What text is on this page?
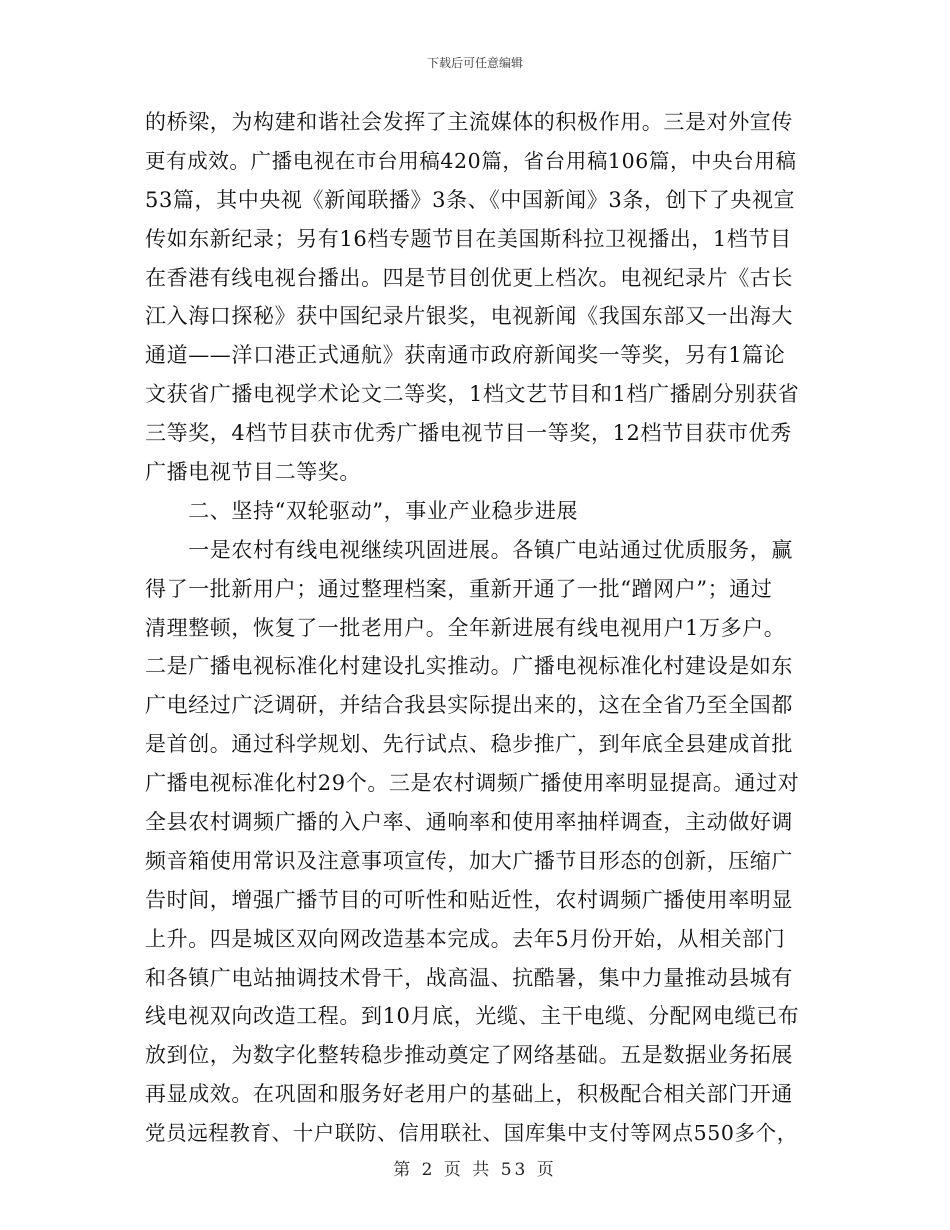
下载后可任意编辑
的桥梁，为构建和谐社会发挥了主流媒体的积极作用。三是对外宣传
更有成效。广播电视在市台用稿420篇，省台用稿106篇，中央台用稿
53篇，其中央视《新闻联播》3条、《中国新闻》3条，创下了央视宣
传如东新纪录；另有16档专题节目在美国斯科拉卫视播出，1档节目
在香港有线电视台播出。四是节目创优更上档次。电视纪录片《古长
江入海口探秘》获中国纪录片银奖，电视新闻《我国东部又一出海大
通道——洋口港正式通航》获南通市政府新闻奖一等奖，另有1篇论
文获省广播电视学术论文二等奖，1档文艺节目和1档广播剧分别获省
三等奖，4档节目获市优秀广播电视节目一等奖，12档节目获市优秀
广播电视节目二等奖。
　　二、坚持“双轮驱动”，事业产业稳步进展
　　一是农村有线电视继续巩固进展。各镇广电站通过优质服务，赢
得了一批新用户；通过整理档案，重新开通了一批“蹭网户”；通过
清理整顿，恢复了一批老用户。全年新进展有线电视用户1万多户。
二是广播电视标准化村建设扎实推动。广播电视标准化村建设是如东
广电经过广泛调研，并结合我县实际提出来的，这在全省乃至全国都
是首创。通过科学规划、先行试点、稳步推广，到年底全县建成首批
广播电视标准化村29个。三是农村调频广播使用率明显提高。通过对
全县农村调频广播的入户率、通响率和使用率抽样调查，主动做好调
频音箱使用常识及注意事项宣传，加大广播节目形态的创新，压缩广
告时间，增强广播节目的可听性和贴近性，农村调频广播使用率明显
上升。四是城区双向网改造基本完成。去年5月份开始，从相关部门
和各镇广电站抽调技术骨干，战高温、抗酷暑，集中力量推动县城有
线电视双向改造工程。到10月底，光缆、主干电缆、分配网电缆已布
放到位，为数字化整转稳步推动奠定了网络基础。五是数据业务拓展
再显成效。在巩固和服务好老用户的基础上，积极配合相关部门开通
党员远程教育、十户联防、信用联社、国库集中支付等网点550多个，
第 2 页 共 53 页
